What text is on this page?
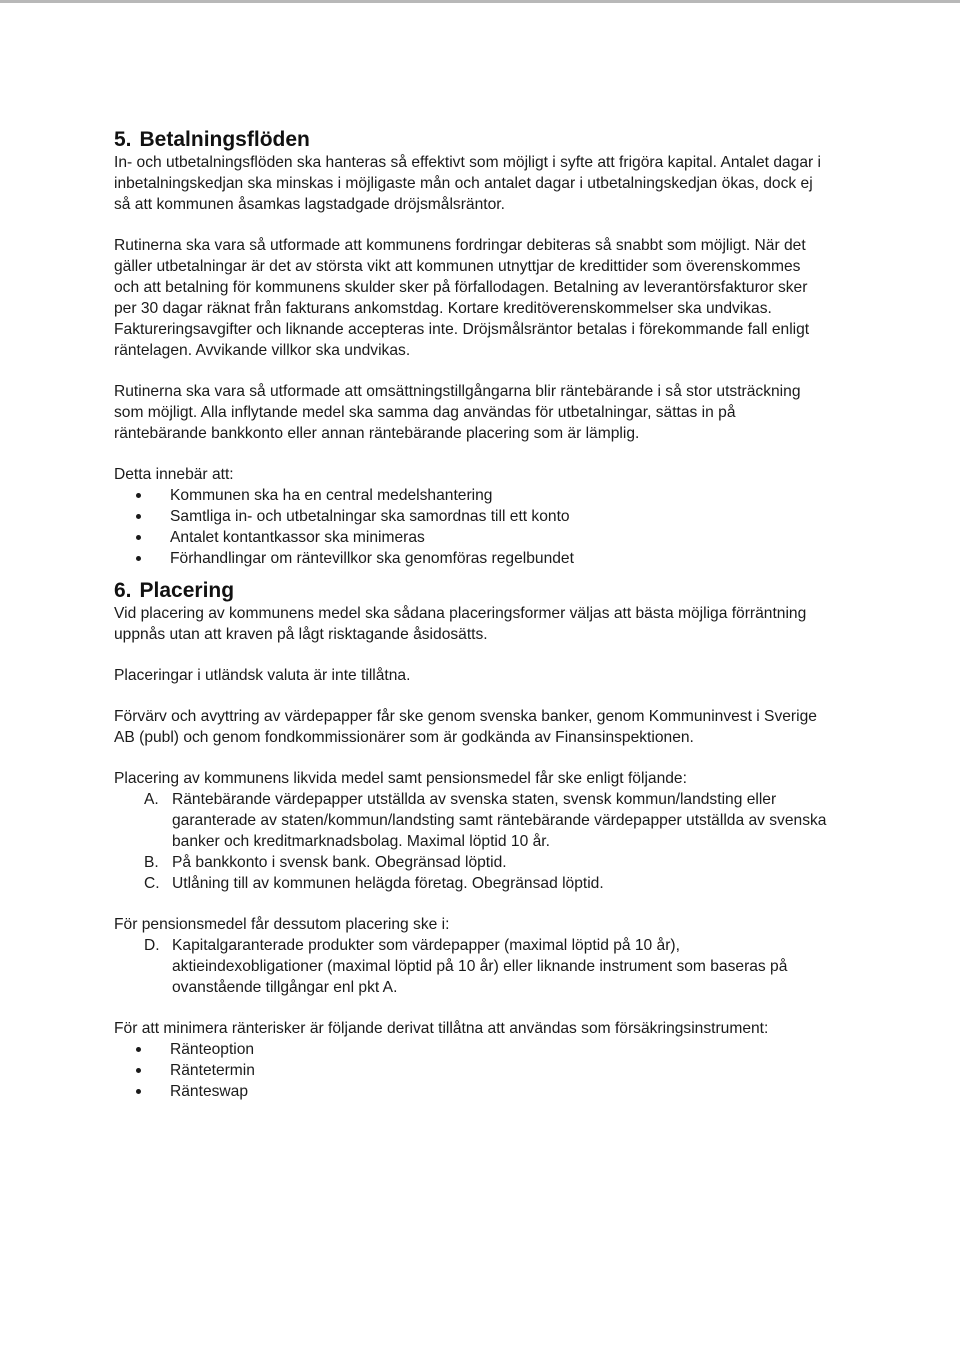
5. Betalningsflöden

In- och utbetalningsflöden ska hanteras så effektivt som möjligt i syfte att frigöra kapital. Antalet dagar i inbetalningskedjan ska minskas i möjligaste mån och antalet dagar i utbetalningskedjan ökas, dock ej så att kommunen åsamkas lagstadgade dröjsmålsräntor.

Rutinerna ska vara så utformade att kommunens fordringar debiteras så snabbt som möjligt. När det gäller utbetalningar är det av största vikt att kommunen utnyttjar de kredittider som överenskommes och att betalning för kommunens skulder sker på förfallodagen. Betalning av leverantörsfakturor sker per 30 dagar räknat från fakturans ankomstdag. Kortare kreditöverenskommelser ska undvikas. Faktureringsavgifter och liknande accepteras inte. Dröjsmålsräntor betalas i förekommande fall enligt räntelagen. Avvikande villkor ska undvikas.

Rutinerna ska vara så utformade att omsättningstillgångarna blir räntebärande i så stor utsträckning som möjligt. Alla inflytande medel ska samma dag användas för utbetalningar, sättas in på räntebärande bankkonto eller annan räntebärande placering som är lämplig.

Detta innebär att:

Kommunen ska ha en central medelshantering
Samtliga in- och utbetalningar ska samordnas till ett konto
Antalet kontantkassor ska minimeras
Förhandlingar om räntevillkor ska genomföras regelbundet
6. Placering

Vid placering av kommunens medel ska sådana placeringsformer väljas att bästa möjliga förräntning uppnås utan att kraven på lågt risktagande åsidosätts.

Placeringar i utländsk valuta är inte tillåtna.

Förvärv och avyttring av värdepapper får ske genom svenska banker, genom Kommuninvest i Sverige AB (publ) och genom fondkommissionärer som är godkända av Finansinspektionen.

Placering av kommunens likvida medel samt pensionsmedel får ske enligt följande:

A. Räntebärande värdepapper utställda av svenska staten, svensk kommun/landsting eller garanterade av staten/kommun/landsting samt räntebärande värdepapper utställda av svenska banker och kreditmarknadsbolag. Maximal löptid 10 år.
B. På bankkonto i svensk bank. Obegränsad löptid.
C. Utlåning till av kommunen helägda företag. Obegränsad löptid.

För pensionsmedel får dessutom placering ske i:

D. Kapitalgaranterade produkter som värdepapper (maximal löptid på 10 år), aktieindexobligationer (maximal löptid på 10 år) eller liknande instrument som baseras på ovanstående tillgångar enl pkt A.

För att minimera ränterisker är följande derivat tillåtna att användas som försäkringsinstrument:

Ränteoption
Räntetermin
Ränteswap
